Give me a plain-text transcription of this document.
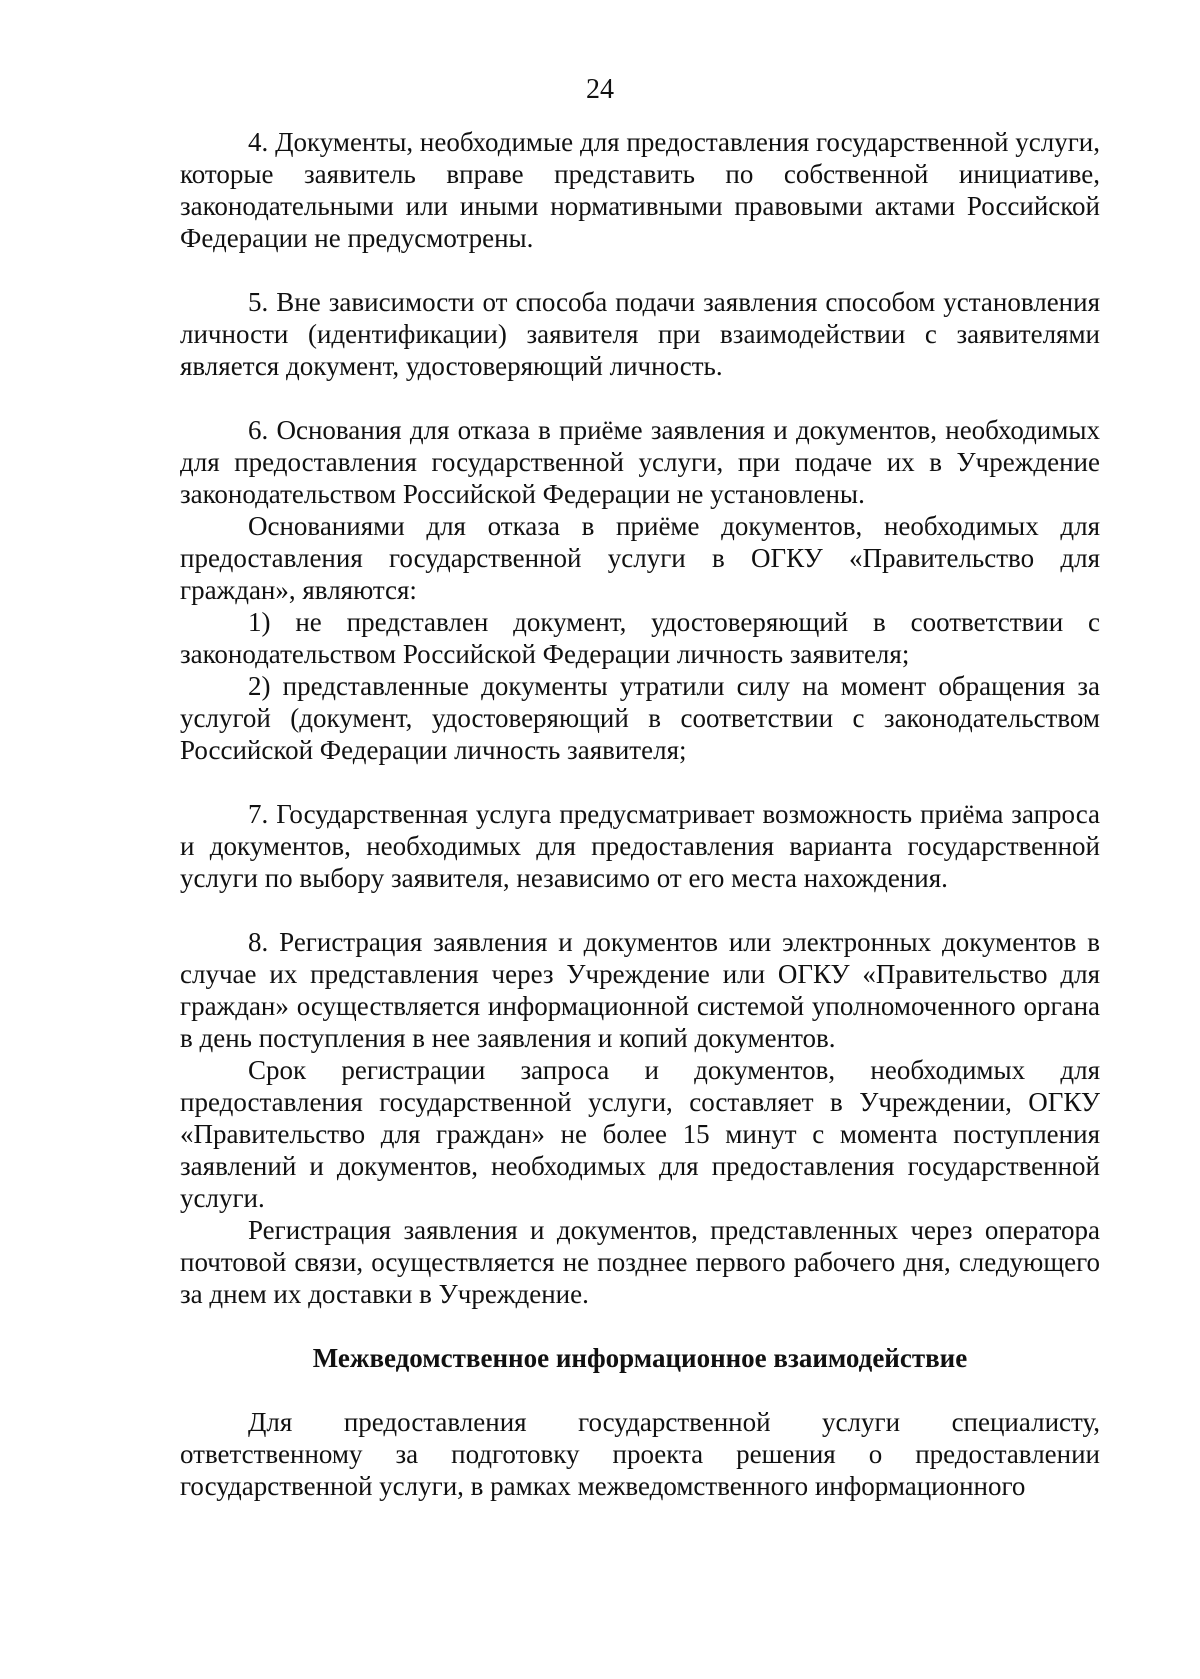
24

4. Документы, необходимые для предоставления государственной услуги, которые заявитель вправе представить по собственной инициативе, законодательными или иными нормативными правовыми актами Российской Федерации не предусмотрены.

5. Вне зависимости от способа подачи заявления способом установления личности (идентификации) заявителя при взаимодействии с заявителями является документ, удостоверяющий личность.

6. Основания для отказа в приёме заявления и документов, необходимых для предоставления государственной услуги, при подаче их в Учреждение законодательством Российской Федерации не установлены.

Основаниями для отказа в приёме документов, необходимых для предоставления государственной услуги в ОГКУ «Правительство для граждан», являются:

1) не представлен документ, удостоверяющий в соответствии с законодательством Российской Федерации личность заявителя;

2) представленные документы утратили силу на момент обращения за услугой (документ, удостоверяющий в соответствии с законодательством Российской Федерации личность заявителя;

7. Государственная услуга предусматривает возможность приёма запроса и документов, необходимых для предоставления варианта государственной услуги по выбору заявителя, независимо от его места нахождения.

8. Регистрация заявления и документов или электронных документов в случае их представления через Учреждение или ОГКУ «Правительство для граждан» осуществляется информационной системой уполномоченного органа в день поступления в нее заявления и копий документов.

Срок регистрации запроса и документов, необходимых для предоставления государственной услуги, составляет в Учреждении, ОГКУ «Правительство для граждан» не более 15 минут с момента поступления заявлений и документов, необходимых для предоставления государственной услуги.

Регистрация заявления и документов, представленных через оператора почтовой связи, осуществляется не позднее первого рабочего дня, следующего за днем их доставки в Учреждение.

Межведомственное информационное взаимодействие

Для предоставления государственной услуги специалисту, ответственному за подготовку проекта решения о предоставлении государственной услуги, в рамках межведомственного информационного
